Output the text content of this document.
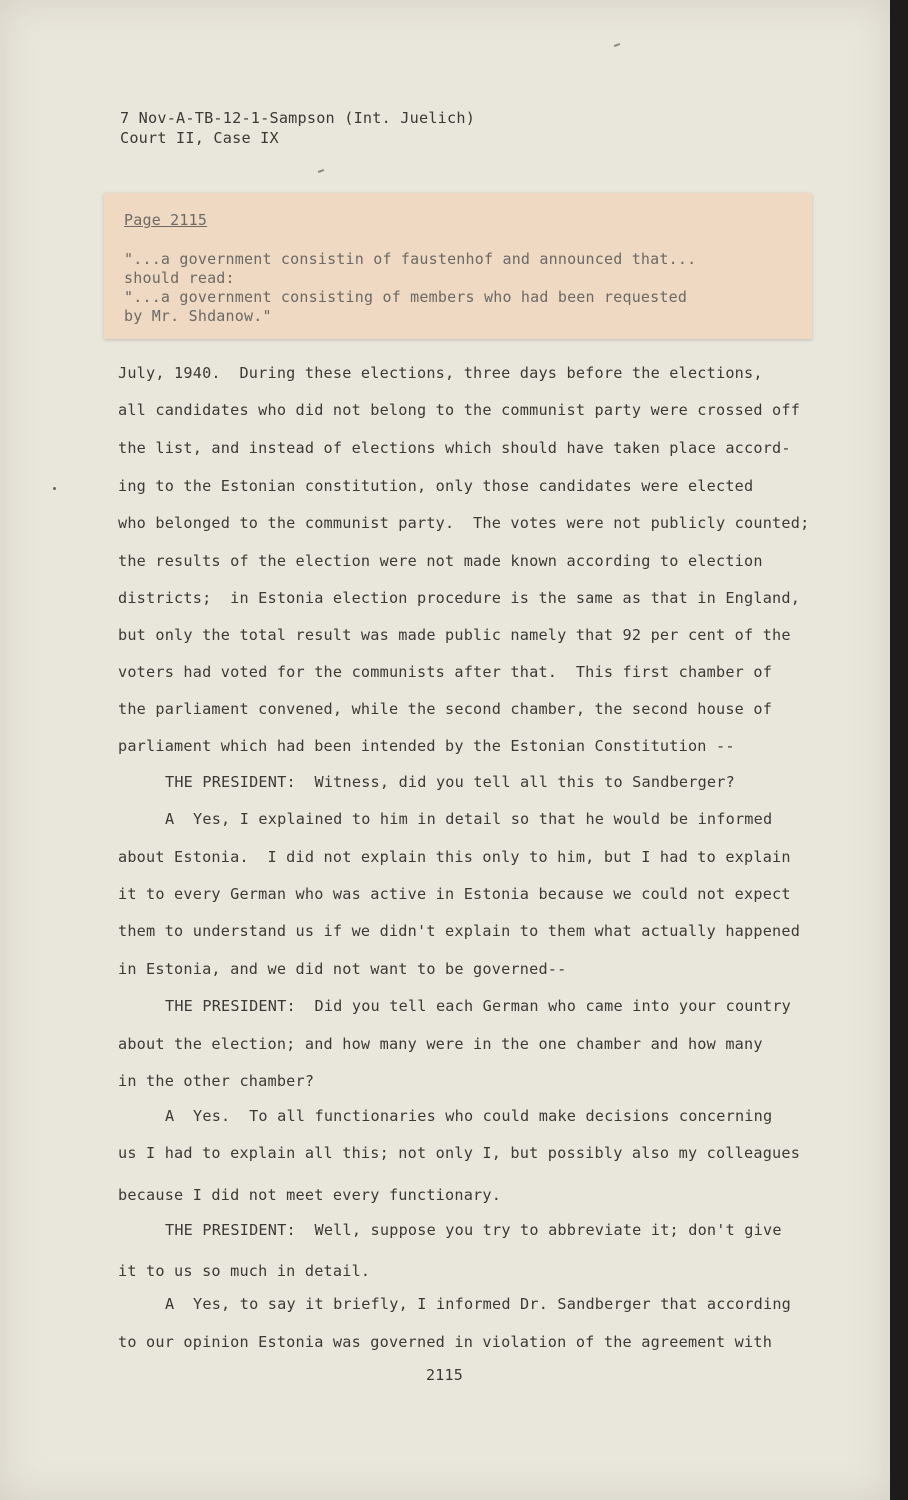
7 Nov-A-TB-12-1-Sampson (Int. Juelich)
Court II, Case IX
July, 1940.  During these elections, three days before the elections,
all candidates who did not belong to the communist party were crossed off
the list, and instead of elections which should have taken place accord-
ing to the Estonian constitution, only those candidates were elected
who belonged to the communist party.  The votes were not publicly counted;
the results of the election were not made known according to election
districts;  in Estonia election procedure is the same as that in England,
but only the total result was made public namely that 92 per cent of the
voters had voted for the communists after that.  This first chamber of
the parliament convened, while the second chamber, the second house of
parliament which had been intended by the Estonian Constitution --
THE PRESIDENT:  Witness, did you tell all this to Sandberger?
A  Yes, I explained to him in detail so that he would be informed
about Estonia.  I did not explain this only to him, but I had to explain
it to every German who was active in Estonia because we could not expect
them to understand us if we didn't explain to them what actually happened
in Estonia, and we did not want to be governed--
THE PRESIDENT:  Did you tell each German who came into your country
about the election; and how many were in the one chamber and how many
in the other chamber?
A  Yes.  To all functionaries who could make decisions concerning
us I had to explain all this; not only I, but possibly also my colleagues
because I did not meet every functionary.
THE PRESIDENT:  Well, suppose you try to abbreviate it; don't give
it to us so much in detail.
A  Yes, to say it briefly, I informed Dr. Sandberger that according
to our opinion Estonia was governed in violation of the agreement with
2115
Page 2115
"...a government consistin of faustenhof and announced that...
should read:
"...a government consisting of members who had been requested
by Mr. Shdanow."
